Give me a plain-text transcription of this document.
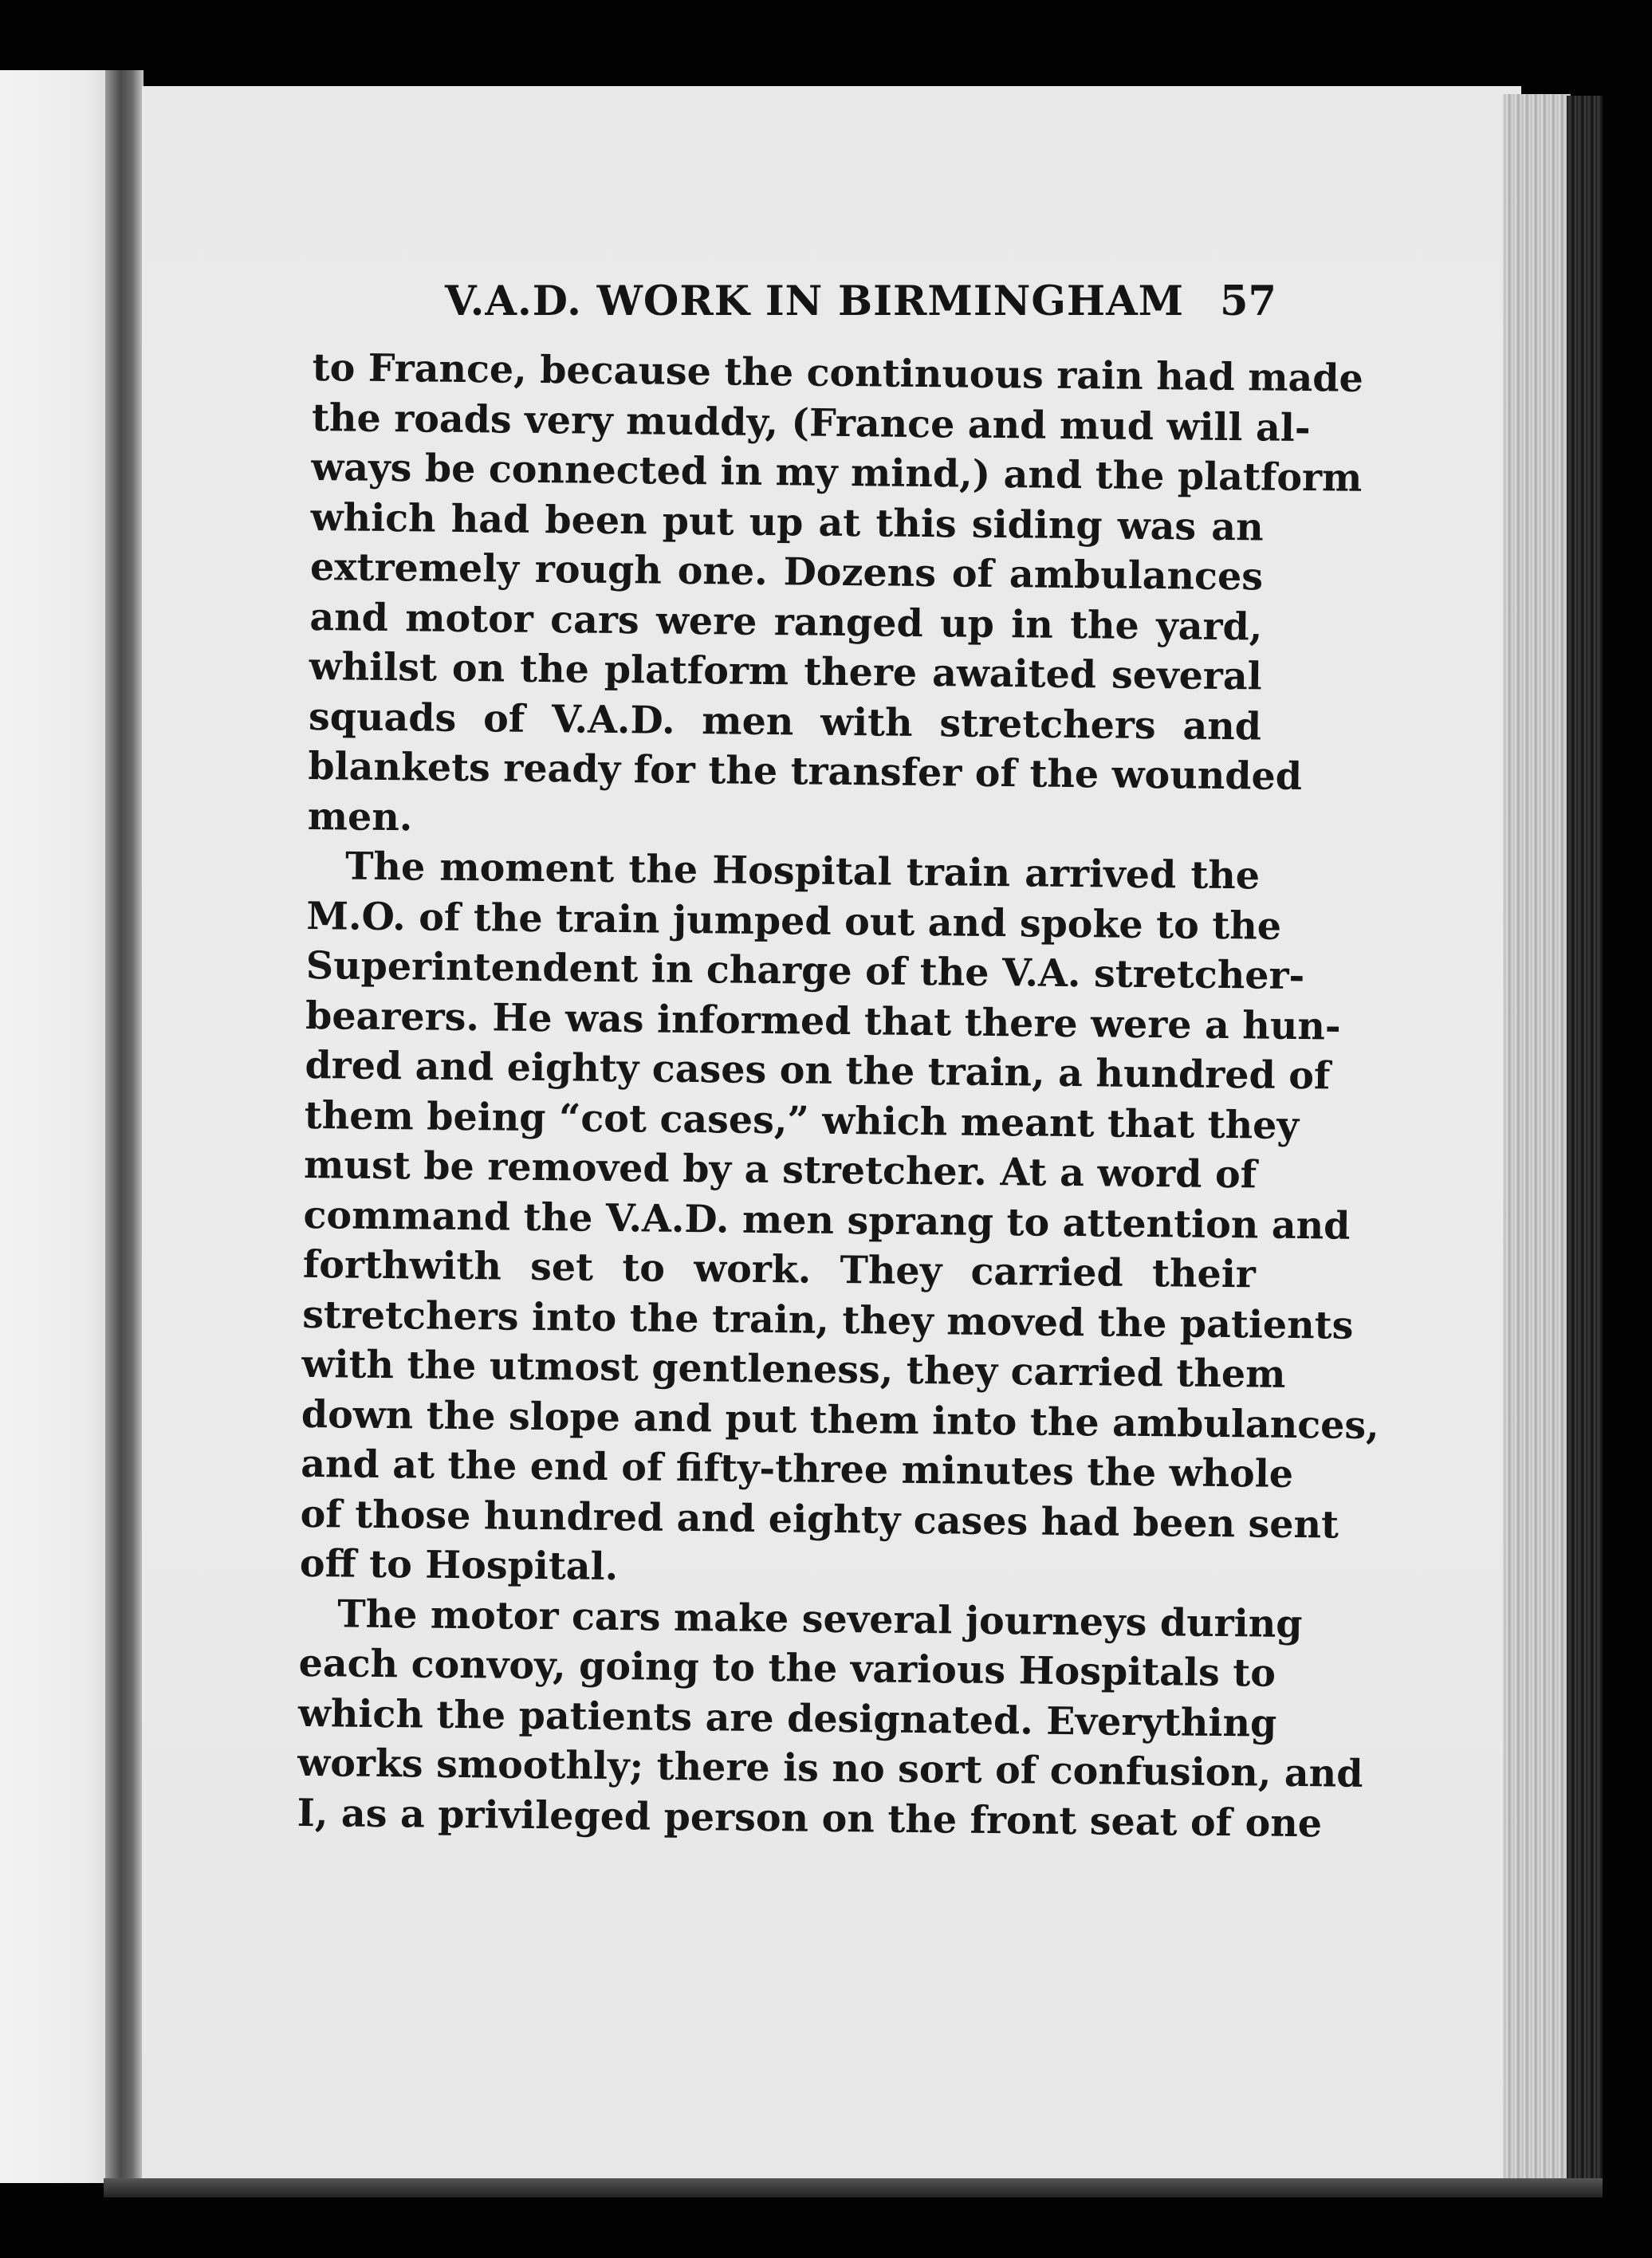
V.A.D. WORK IN BIRMINGHAM 57
to France, because the continuous rain had made
the roads very muddy, (France and mud will al-
ways be connected in my mind,) and the platform
which had been put up at this siding was an
extremely rough one. Dozens of ambulances
and motor cars were ranged up in the yard,
whilst on the platform there awaited several
squads of V.A.D. men with stretchers and
blankets ready for the transfer of the wounded
men.
The moment the Hospital train arrived the
M.O. of the train jumped out and spoke to the
Superintendent in charge of the V.A. stretcher-
bearers. He was informed that there were a hun-
dred and eighty cases on the train, a hundred of
them being “cot cases,” which meant that they
must be removed by a stretcher. At a word of
command the V.A.D. men sprang to attention and
forthwith set to work. They carried their
stretchers into the train, they moved the patients
with the utmost gentleness, they carried them
down the slope and put them into the ambulances,
and at the end of fifty-three minutes the whole
of those hundred and eighty cases had been sent
off to Hospital.
The motor cars make several journeys during
each convoy, going to the various Hospitals to
which the patients are designated. Everything
works smoothly; there is no sort of confusion, and
I, as a privileged person on the front seat of one
